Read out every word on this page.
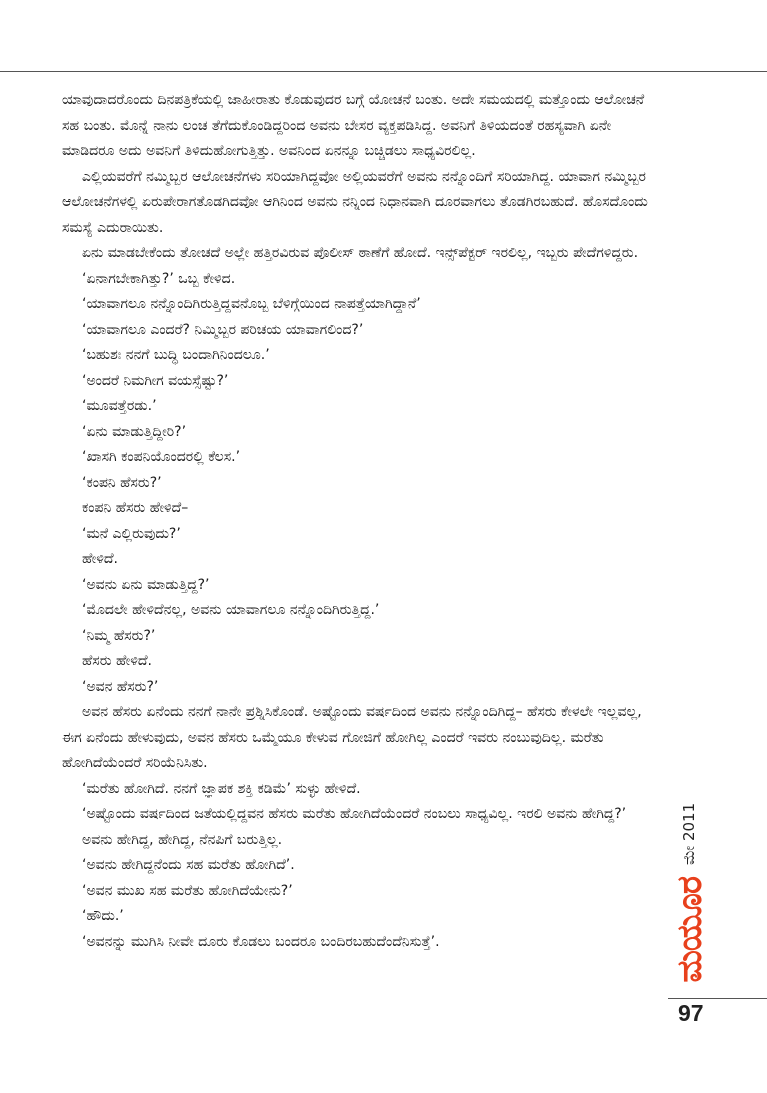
ಯಾವುದಾದರೊಂದು ದಿನಪತ್ರಿಕೆಯಲ್ಲಿ ಜಾಹೀರಾತು ಕೊಡುವುದರ ಬಗ್ಗೆ ಯೋಚನೆ ಬಂತು. ಅದೇ ಸಮಯದಲ್ಲಿ ಮತ್ತೊಂದು ಆಲೋಚನೆ ಸಹ ಬಂತು. ಮೊನ್ನೆ ನಾನು ಲಂಚ ತೆಗೆದುಕೊಂಡಿದ್ದರಿಂದ ಅವನು ಬೇಸರ ವ್ಯಕ್ತಪಡಿಸಿದ್ದ. ಅವನಿಗೆ ತಿಳಿಯದಂತೆ ರಹಸ್ಯವಾಗಿ ಏನೇ ಮಾಡಿದರೂ ಅದು ಅವನಿಗೆ ತಿಳಿದುಹೋಗುತ್ತಿತ್ತು. ಅವನಿಂದ ಏನನ್ನೂ ಬಚ್ಚಿಡಲು ಸಾಧ್ಯವಿರಲಿಲ್ಲ.

ಎಲ್ಲಿಯವರೆಗೆ ನಮ್ಮಿಬ್ಬರ ಆಲೋಚನೆಗಳು ಸರಿಯಾಗಿದ್ದವೋ ಅಲ್ಲಿಯವರೆಗೆ ಅವನು ನನ್ನೊಂದಿಗೆ ಸರಿಯಾಗಿದ್ದ. ಯಾವಾಗ ನಮ್ಮಿಬ್ಬರ ಆಲೋಚನೆಗಳಲ್ಲಿ ಏರುಪೇರಾಗತೊಡಗಿದವೋ ಆಗಿನಿಂದ ಅವನು ನನ್ನಿಂದ ನಿಧಾನವಾಗಿ ದೂರವಾಗಲು ತೊಡಗಿರಬಹುದೆ. ಹೊಸದೊಂದು ಸಮಸ್ಯೆ ಎದುರಾಯಿತು.

ಏನು ಮಾಡಬೇಕೆಂದು ತೋಚದೆ ಅಲ್ಲೇ ಹತ್ತಿರವಿರುವ ಪೊಲೀಸ್ ಠಾಣೆಗೆ ಹೋದೆ. ಇನ್ಸ್‌ಪೆಕ್ಟರ್ ಇರಲಿಲ್ಲ, ಇಬ್ಬರು ಪೇದೆಗಳಿದ್ದರು.

‘ಏನಾಗಬೇಕಾಗಿತ್ತು?’ ಒಬ್ಬ ಕೇಳಿದ.

‘ಯಾವಾಗಲೂ ನನ್ನೊಂದಿಗಿರುತ್ತಿದ್ದವನೊಬ್ಬ ಬೆಳಿಗ್ಗೆಯಿಂದ ನಾಪತ್ತೆಯಾಗಿದ್ದಾನೆ’

‘ಯಾವಾಗಲೂ ಎಂದರೆ? ನಿಮ್ಮಿಬ್ಬರ ಪರಿಚಯ ಯಾವಾಗಲಿಂದ?’

‘ಬಹುಶಃ ನನಗೆ ಬುದ್ಧಿ ಬಂದಾಗಿನಿಂದಲೂ.’

‘ಅಂದರೆ ನಿಮಗೀಗ ವಯಸ್ಸೆಷ್ಟು?’

‘ಮೂವತ್ತೆರಡು.’

‘ಏನು ಮಾಡುತ್ತಿದ್ದೀರಿ?’

‘ಖಾಸಗಿ ಕಂಪನಿಯೊಂದರಲ್ಲಿ ಕೆಲಸ.’

‘ಕಂಪನಿ ಹೆಸರು?’

ಕಂಪನಿ ಹೆಸರು ಹೇಳಿದೆ–

‘ಮನೆ ಎಲ್ಲಿರುವುದು?’

ಹೇಳಿದೆ.

‘ಅವನು ಏನು ಮಾಡುತ್ತಿದ್ದ?’

‘ಮೊದಲೇ ಹೇಳಿದೆನಲ್ಲ, ಅವನು ಯಾವಾಗಲೂ ನನ್ನೊಂದಿಗಿರುತ್ತಿದ್ದ.’

‘ನಿಮ್ಮ ಹೆಸರು?’

ಹೆಸರು ಹೇಳಿದೆ.

‘ಅವನ ಹೆಸರು?’

ಅವನ ಹೆಸರು ಏನೆಂದು ನನಗೆ ನಾನೇ ಪ್ರಶ್ನಿಸಿಕೊಂಡೆ. ಅಷ್ಟೊಂದು ವರ್ಷದಿಂದ ಅವನು ನನ್ನೊಂದಿಗಿದ್ದ– ಹೆಸರು ಕೇಳಲೇ ಇಲ್ಲವಲ್ಲ, ಈಗ ಏನೆಂದು ಹೇಳುವುದು, ಅವನ ಹೆಸರು ಒಮ್ಮೆಯೂ ಕೇಳುವ ಗೋಜಿಗೆ ಹೋಗಿಲ್ಲ ಎಂದರೆ ಇವರು ನಂಬುವುದಿಲ್ಲ. ಮರೆತು ಹೋಗಿದೆಯೆಂದರೆ ಸರಿಯೆನಿಸಿತು.

‘ಮರೆತು ಹೋಗಿದೆ. ನನಗೆ ಜ್ಞಾಪಕ ಶಕ್ತಿ ಕಡಿಮೆ’ ಸುಳ್ಳು ಹೇಳಿದೆ.

‘ಅಷ್ಟೊಂದು ವರ್ಷದಿಂದ ಜತೆಯಲ್ಲಿದ್ದವನ ಹೆಸರು ಮರೆತು ಹೋಗಿದೆಯೆಂದರೆ ನಂಬಲು ಸಾಧ್ಯವಿಲ್ಲ. ಇರಲಿ ಅವನು ಹೇಗಿದ್ದ?’

ಅವನು ಹೇಗಿದ್ದ, ಹೇಗಿದ್ದ, ನೆನಪಿಗೆ ಬರುತ್ತಿಲ್ಲ.

‘ಅವನು ಹೇಗಿದ್ದನೆಂದು ಸಹ ಮರೆತು ಹೋಗಿದೆ’.

‘ಅವನ ಮುಖ ಸಹ ಮರೆತು ಹೋಗಿದೆಯೇನು?’

‘ಹೌದು.’

‘ಅವನನ್ನು ಮುಗಿಸಿ ನೀವೇ ದೂರು ಕೊಡಲು ಬಂದರೂ ಬಂದಿರಬಹುದೆಂದೆನಿಸುತ್ತೆ’.

ಮೇ 2011
ಮಯೂರ
97
